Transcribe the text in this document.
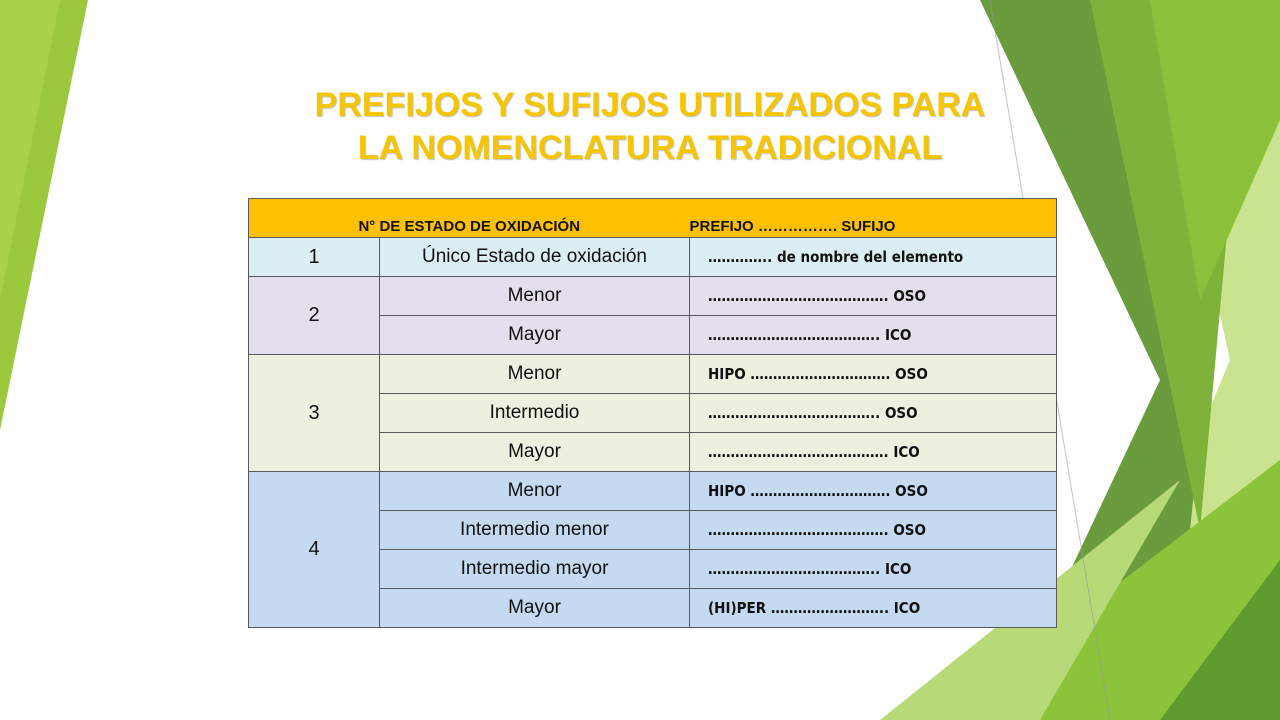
PREFIJOS Y SUFIJOS UTILIZADOS PARA
LA NOMENCLATURA TRADICIONAL
N° DE ESTADO DE OXIDACIÓN		PREFIJO ……………. SUFIJO
1	Único Estado de oxidación	………….. de nombre del elemento
2	Menor	…………………………………. OSO
	Mayor	……………………………….. ICO
3	Menor	HIPO …………………………. OSO
	Intermedio	……………………………….. OSO
	Mayor	…………………………………. ICO
4	Menor	HIPO …………………………. OSO
	Intermedio menor	…………………………………. OSO
	Intermedio mayor	……………………………….. ICO
	Mayor	(HI)PER …………………….. ICO
